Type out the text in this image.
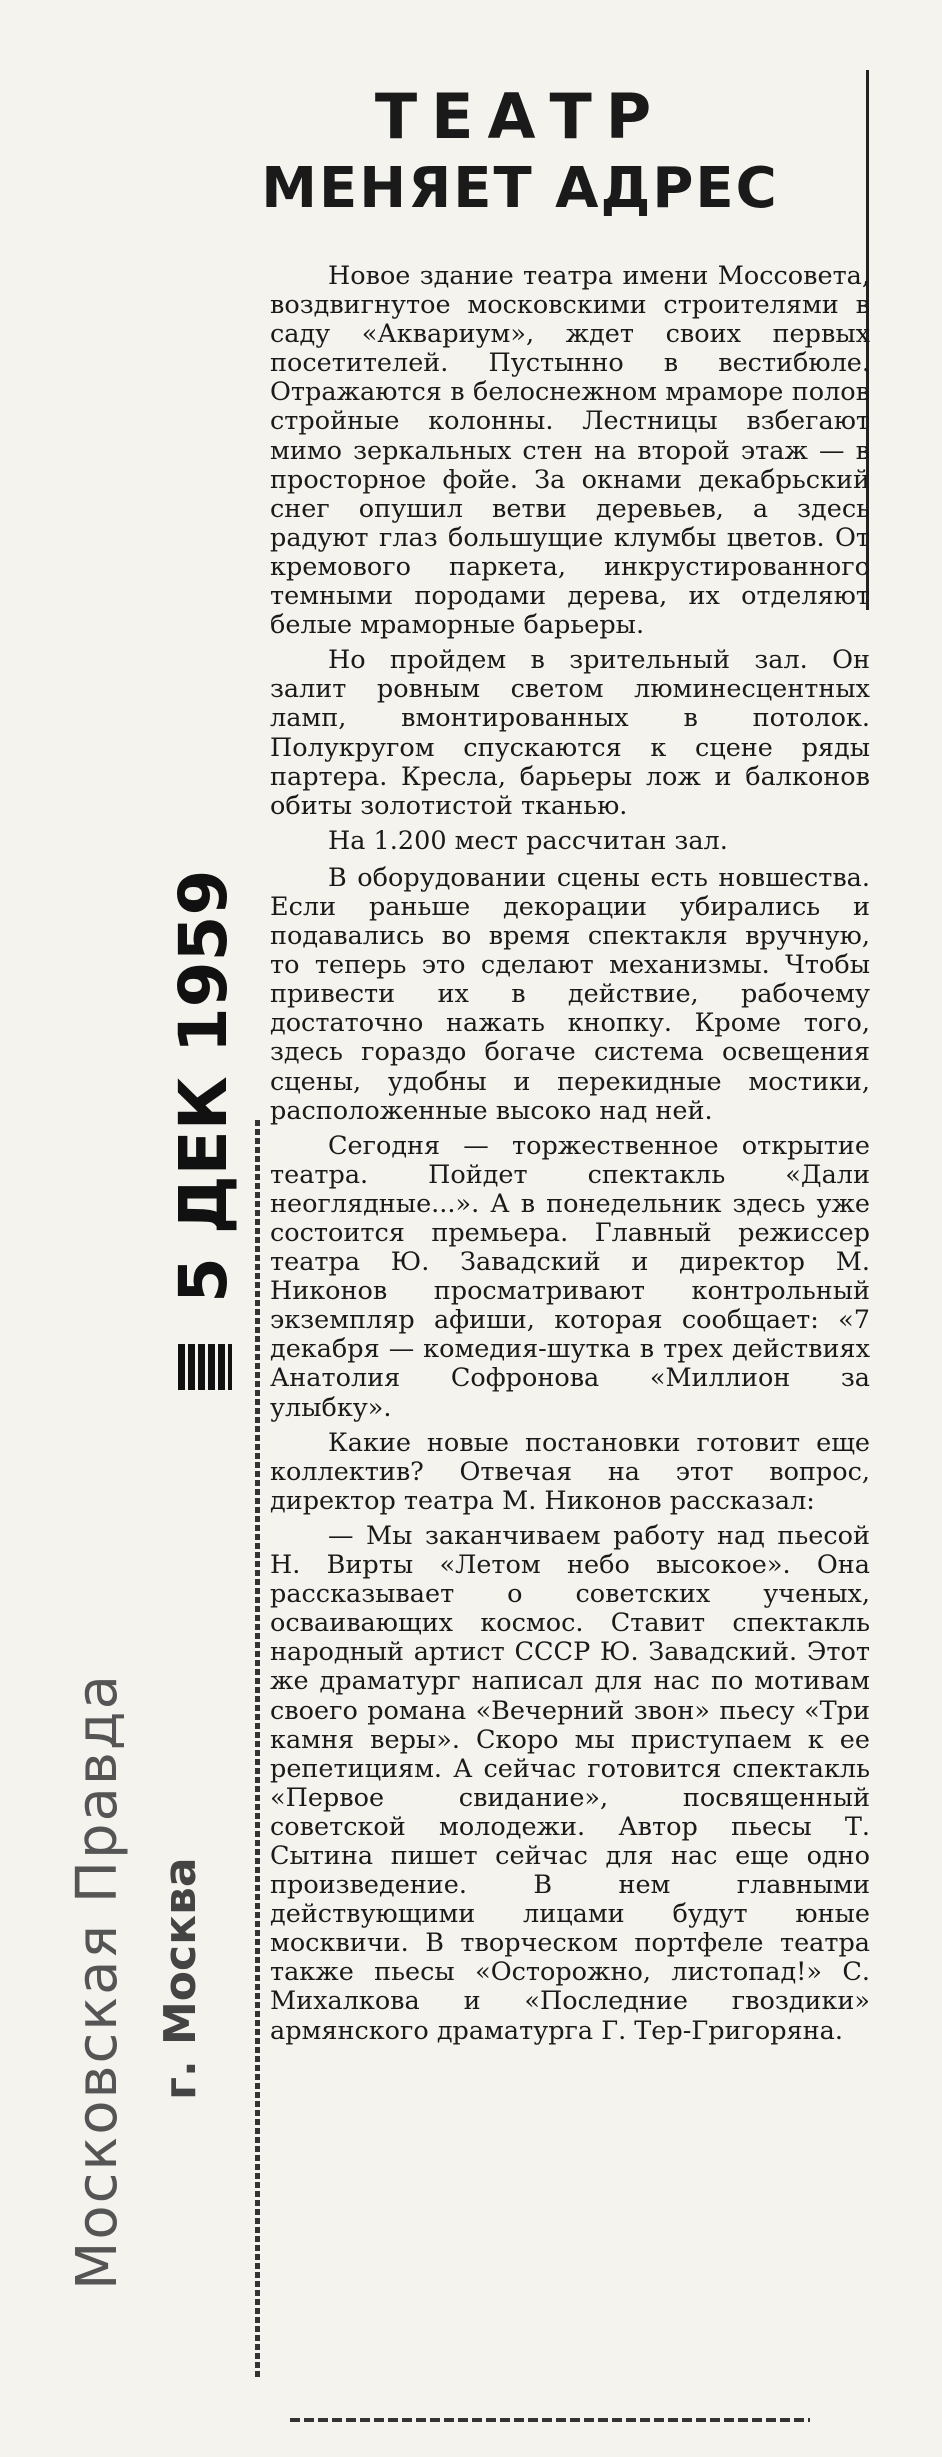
ТЕАТР
МЕНЯЕТ АДРЕС

Новое здание театра имени Моссовета, воздвигнутое московскими строителями в саду «Аквариум», ждет своих первых посетителей. Пустынно в вестибюле. Отражаются в белоснежном мраморе полов стройные колонны. Лестницы взбегают мимо зеркальных стен на второй этаж — в просторное фойе. За окнами декабрьский снег опушил ветви деревьев, а здесь радуют глаз большущие клумбы цветов. От кремового паркета, инкрустированного темными породами дерева, их отделяют белые мраморные барьеры.

Но пройдем в зрительный зал. Он залит ровным светом люминесцентных ламп, вмонтированных в потолок. Полукругом спускаются к сцене ряды партера. Кресла, барьеры лож и балконов обиты золотистой тканью.

На 1.200 мест рассчитан зал.

В оборудовании сцены есть новшества. Если раньше декорации убирались и подавались во время спектакля вручную, то теперь это сделают механизмы. Чтобы привести их в действие, рабочему достаточно нажать кнопку. Кроме того, здесь гораздо богаче система освещения сцены, удобны и перекидные мостики, расположенные высоко над ней.

Сегодня — торжественное открытие театра. Пойдет спектакль «Дали неоглядные...». А в понедельник здесь уже состоится премьера. Главный режиссер театра Ю. Завадский и директор М. Никонов просматривают контрольный экземпляр афиши, которая сообщает: «7 декабря — комедия-шутка в трех действиях Анатолия Софронова «Миллион за улыбку».

Какие новые постановки готовит еще коллектив? Отвечая на этот вопрос, директор театра М. Никонов рассказал:

— Мы заканчиваем работу над пьесой Н. Вирты «Летом небо высокое». Она рассказывает о советских ученых, осваивающих космос. Ставит спектакль народный артист СССР Ю. Завадский. Этот же драматург написал для нас по мотивам своего романа «Вечерний звон» пьесу «Три камня веры». Скоро мы приступаем к ее репетициям. А сейчас готовится спектакль «Первое свидание», посвященный советской молодежи. Автор пьесы Т. Сытина пишет сейчас для нас еще одно произведение. В нем главными действующими лицами будут юные москвичи. В творческом портфеле театра также пьесы «Осторожно, листопад!» С. Михалкова и «Последние гвоздики» армянского драматурга Г. Тер-Григоряна.

Московская Правда г. Москва
5 ДЕК 1959
